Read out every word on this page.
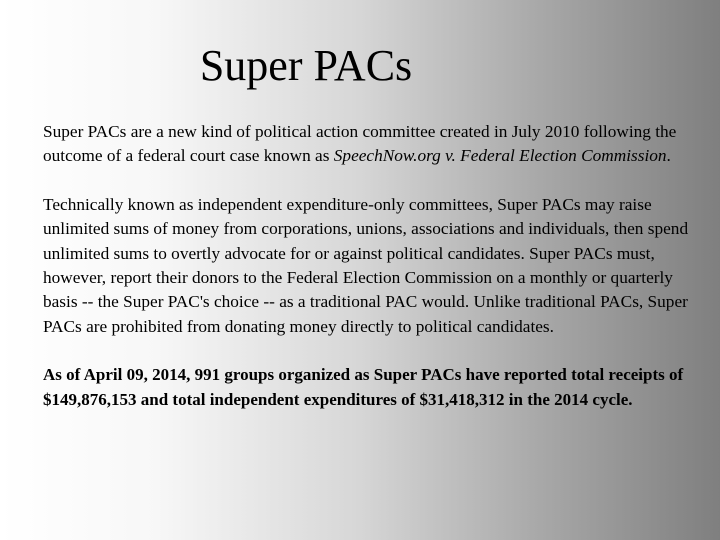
Super PACs

Super PACs are a new kind of political action committee created in July 2010 following the outcome of a federal court case known as SpeechNow.org v. Federal Election Commission.

Technically known as independent expenditure-only committees, Super PACs may raise unlimited sums of money from corporations, unions, associations and individuals, then spend unlimited sums to overtly advocate for or against political candidates. Super PACs must, however, report their donors to the Federal Election Commission on a monthly or quarterly basis -- the Super PAC's choice -- as a traditional PAC would. Unlike traditional PACs, Super PACs are prohibited from donating money directly to political candidates.

As of April 09, 2014, 991 groups organized as Super PACs have reported total receipts of $149,876,153 and total independent expenditures of $31,418,312 in the 2014 cycle.
